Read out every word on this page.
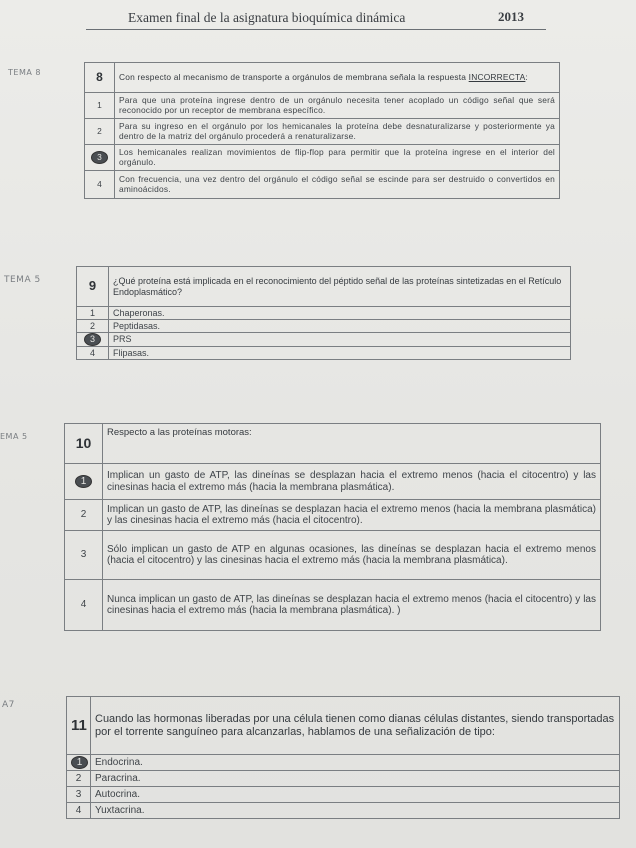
Examen final de la asignatura bioquímica dinámica	2013
TEMA 8	8	Con respecto al mecanismo de transporte a orgánulos de membrana señala la respuesta INCORRECTA:
1	Para que una proteína ingrese dentro de un orgánulo necesita tener acoplado un código señal que será reconocido por un receptor de membrana específico.
2	Para su ingreso en el orgánulo por los hemicanales la proteína debe desnaturalizarse y posteriormente ya dentro de la matriz del orgánulo procederá a renaturalizarse.
3	Los hemicanales realizan movimientos de flip-flop para permitir que la proteína ingrese en el interior del orgánulo.
4	Con frecuencia, una vez dentro del orgánulo el código señal se escinde para ser destruido o convertidos en aminoácidos.
TEMA 5	9	¿Qué proteína está implicada en el reconocimiento del péptido señal de las proteínas sintetizadas en el Retículo Endoplasmático?
1	Chaperonas.
2	Peptidasas.
3	PRS
4	Flipasas.
EMA 5	10	Respecto a las proteínas motoras:
1	Implican un gasto de ATP, las dineínas se desplazan hacia el extremo menos (hacia el citocentro) y las cinesinas hacia el extremo más (hacia la membrana plasmática).
2	Implican un gasto de ATP, las dineínas se desplazan hacia el extremo menos (hacia la membrana plasmática) y las cinesinas hacia el extremo más (hacia el citocentro).
3	Sólo implican un gasto de ATP en algunas ocasiones, las dineínas se desplazan hacia el extremo menos (hacia el citocentro) y las cinesinas hacia el extremo más (hacia la membrana plasmática).
4	Nunca implican un gasto de ATP, las dineínas se desplazan hacia el extremo menos (hacia el citocentro) y las cinesinas hacia el extremo más (hacia la membrana plasmática). )
A7
11	Cuando las hormonas liberadas por una célula tienen como dianas células distantes, siendo transportadas por el torrente sanguíneo para alcanzarlas, hablamos de una señalización de tipo:
1	Endocrina.
2	Paracrina.
3	Autocrina.
4	Yuxtacrina.
